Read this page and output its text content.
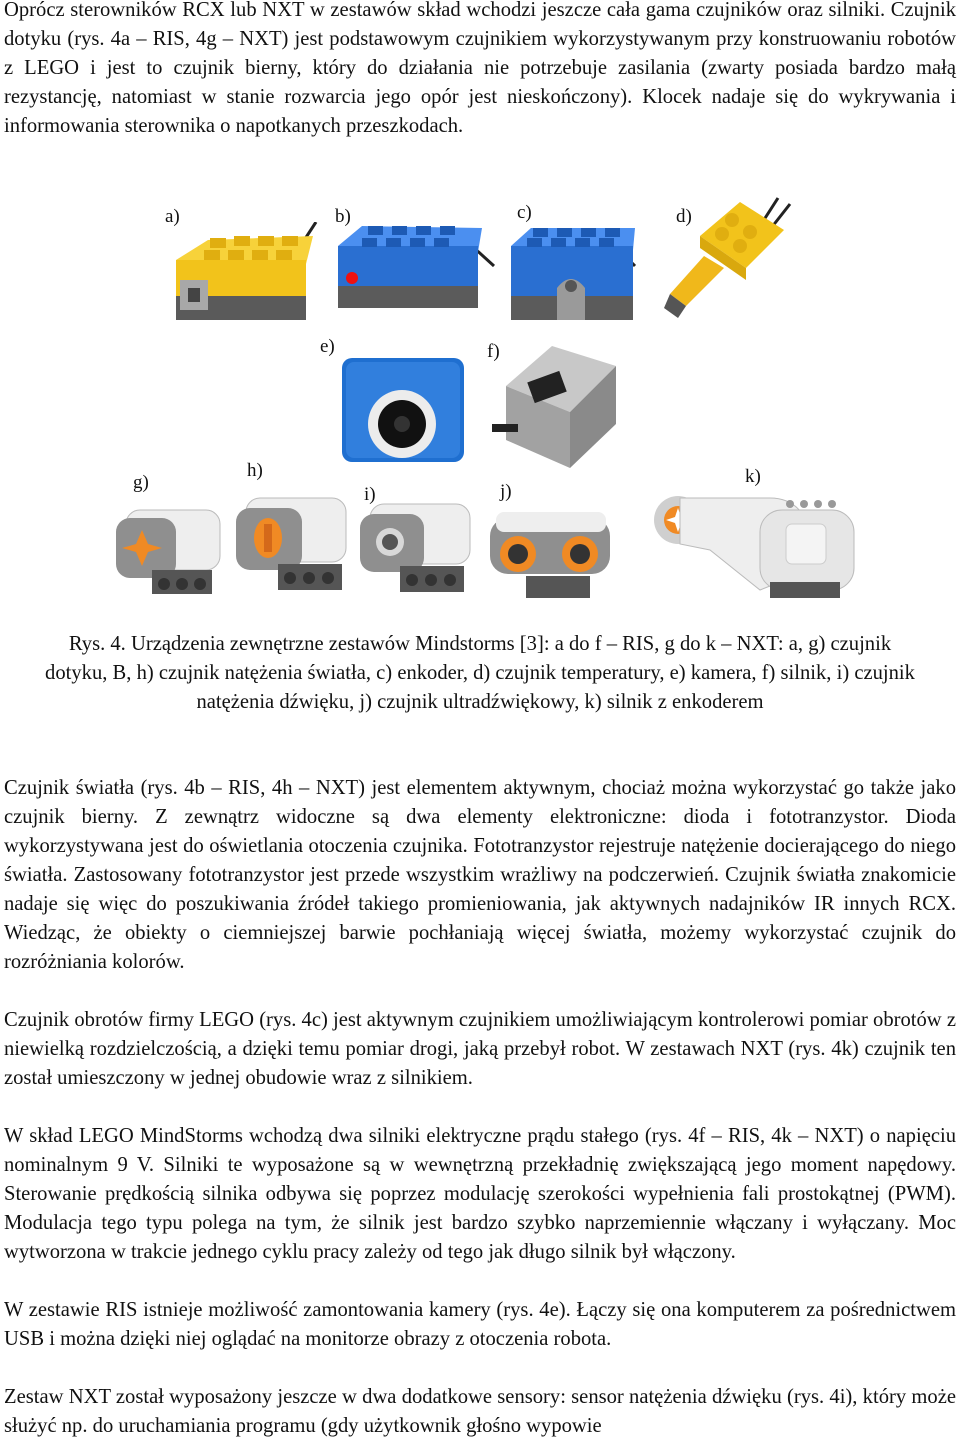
Oprócz sterowników RCX lub NXT w zestawów skład wchodzi jeszcze cała gama czujników oraz silniki. Czujnik dotyku (rys. 4a – RIS, 4g – NXT) jest podstawowym czujnikiem wykorzystywanym przy konstruowaniu robotów z LEGO i jest to czujnik bierny, który do działania nie potrzebuje zasilania (zwarty posiada bardzo małą rezystancję, natomiast w stanie rozwarcia jego opór jest nieskończony). Klocek nadaje się do wykrywania i informowania sterownika o napotkanych przeszkodach.

a)	b)	c)	d)
e)	f)
g)
h)
i)	j)
k)

Rys. 4. Urządzenia zewnętrzne zestawów Mindstorms [3]: a do f – RIS, g do k – NXT: a, g) czujnik dotyku, B, h) czujnik natężenia światła, c) enkoder, d) czujnik temperatury, e) kamera, f) silnik, i) czujnik natężenia dźwięku, j) czujnik ultradźwiękowy, k) silnik z enkoderem

Czujnik światła (rys. 4b – RIS, 4h – NXT) jest elementem aktywnym, chociaż można wykorzystać go także jako czujnik bierny. Z zewnątrz widoczne są dwa elementy elektroniczne: dioda i fototranzystor. Dioda wykorzystywana jest do oświetlania otoczenia czujnika. Fototranzystor rejestruje natężenie docierającego do niego światła. Zastosowany fototranzystor jest przede wszystkim wrażliwy na podczerwień. Czujnik światła znakomicie nadaje się więc do poszukiwania źródeł takiego promieniowania, jak aktywnych nadajników IR innych RCX. Wiedząc, że obiekty o ciemniejszej barwie pochłaniają więcej światła, możemy wykorzystać czujnik do rozróżniania kolorów.

Czujnik obrotów firmy LEGO (rys. 4c) jest aktywnym czujnikiem umożliwiającym kontrolerowi pomiar obrotów z niewielką rozdzielczością, a dzięki temu pomiar drogi, jaką przebył robot. W zestawach NXT (rys. 4k) czujnik ten został umieszczony w jednej obudowie wraz z silnikiem.

W skład LEGO MindStorms wchodzą dwa silniki elektryczne prądu stałego (rys. 4f – RIS, 4k – NXT) o napięciu nominalnym 9 V. Silniki te wyposażone są w wewnętrzną przekładnię zwiększającą jego moment napędowy. Sterowanie prędkością silnika odbywa się poprzez modulację szerokości wypełnienia fali prostokątnej (PWM). Modulacja tego typu polega na tym, że silnik jest bardzo szybko naprzemiennie włączany i wyłączany. Moc wytworzona w trakcie jednego cyklu pracy zależy od tego jak długo silnik był włączony.

W zestawie RIS istnieje możliwość zamontowania kamery (rys. 4e). Łączy się ona komputerem za pośrednictwem USB i można dzięki niej oglądać na monitorze obrazy z otoczenia robota.

Zestaw NXT został wyposażony jeszcze w dwa dodatkowe sensory: sensor natężenia dźwięku (rys. 4i), który może służyć np. do uruchamiania programu (gdy użytkownik głośno wypowie
